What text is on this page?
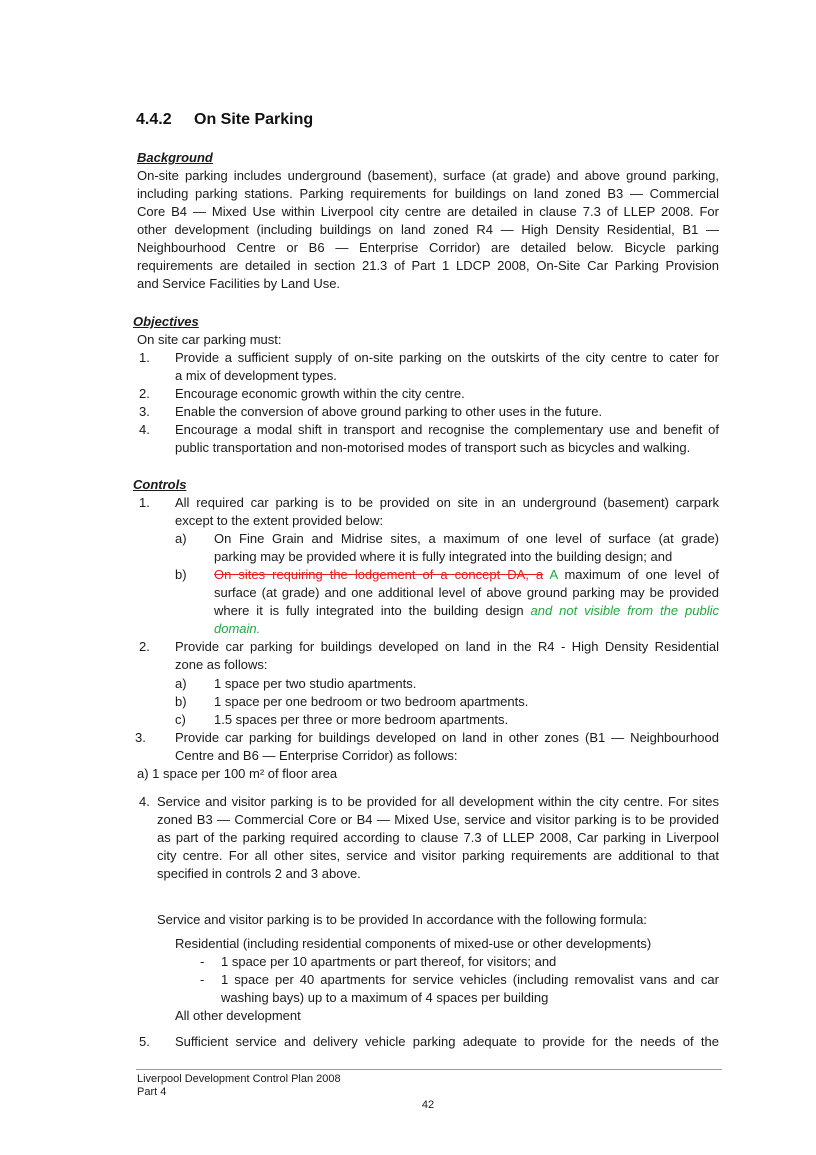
4.4.2 On Site Parking
Background
On-site parking includes underground (basement), surface (at grade) and above ground parking,
including parking stations. Parking requirements for buildings on land zoned B3 — Commercial
Core B4 — Mixed Use within Liverpool city centre are detailed in clause 7.3 of LLEP 2008. For
other development (including buildings on land zoned R4 — High Density Residential, B1 —
Neighbourhood Centre or B6 — Enterprise Corridor) are detailed below. Bicycle parking
requirements are detailed in section 21.3 of Part 1 LDCP 2008, On-Site Car Parking Provision
and Service Facilities by Land Use.
Objectives
On site car parking must:
1. Provide a sufficient supply of on-site parking on the outskirts of the city centre to cater for
a mix of development types.
2. Encourage economic growth within the city centre.
3. Enable the conversion of above ground parking to other uses in the future.
4. Encourage a modal shift in transport and recognise the complementary use and benefit of
public transportation and non-motorised modes of transport such as bicycles and walking.
Controls
1. All required car parking is to be provided on site in an underground (basement) carpark
except to the extent provided below:
a) On Fine Grain and Midrise sites, a maximum of one level of surface (at grade)
parking may be provided where it is fully integrated into the building design; and
b) On sites requiring the lodgement of a concept DA, a A maximum of one level of
surface (at grade) and one additional level of above ground parking may be provided
where it is fully integrated into the building design and not visible from the public
domain.
2. Provide car parking for buildings developed on land in the R4 - High Density Residential
zone as follows:
a) 1 space per two studio apartments.
b) 1 space per one bedroom or two bedroom apartments.
c) 1.5 spaces per three or more bedroom apartments.
3. Provide car parking for buildings developed on land in other zones (B1 — Neighbourhood
Centre and B6 — Enterprise Corridor) as follows:
a) 1 space per 100 m² of floor area
4. Service and visitor parking is to be provided for all development within the city centre. For sites
zoned B3 — Commercial Core or B4 — Mixed Use, service and visitor parking is to be provided
as part of the parking required according to clause 7.3 of LLEP 2008, Car parking in Liverpool
city centre. For all other sites, service and visitor parking requirements are additional to that
specified in controls 2 and 3 above.
Service and visitor parking is to be provided In accordance with the following formula:
Residential (including residential components of mixed-use or other developments)
- 1 space per 10 apartments or part thereof, for visitors; and
- 1 space per 40 apartments for service vehicles (including removalist vans and car
washing bays) up to a maximum of 4 spaces per building
All other development
5. Sufficient service and delivery vehicle parking adequate to provide for the needs of the
Liverpool Development Control Plan 2008
Part 4
42
